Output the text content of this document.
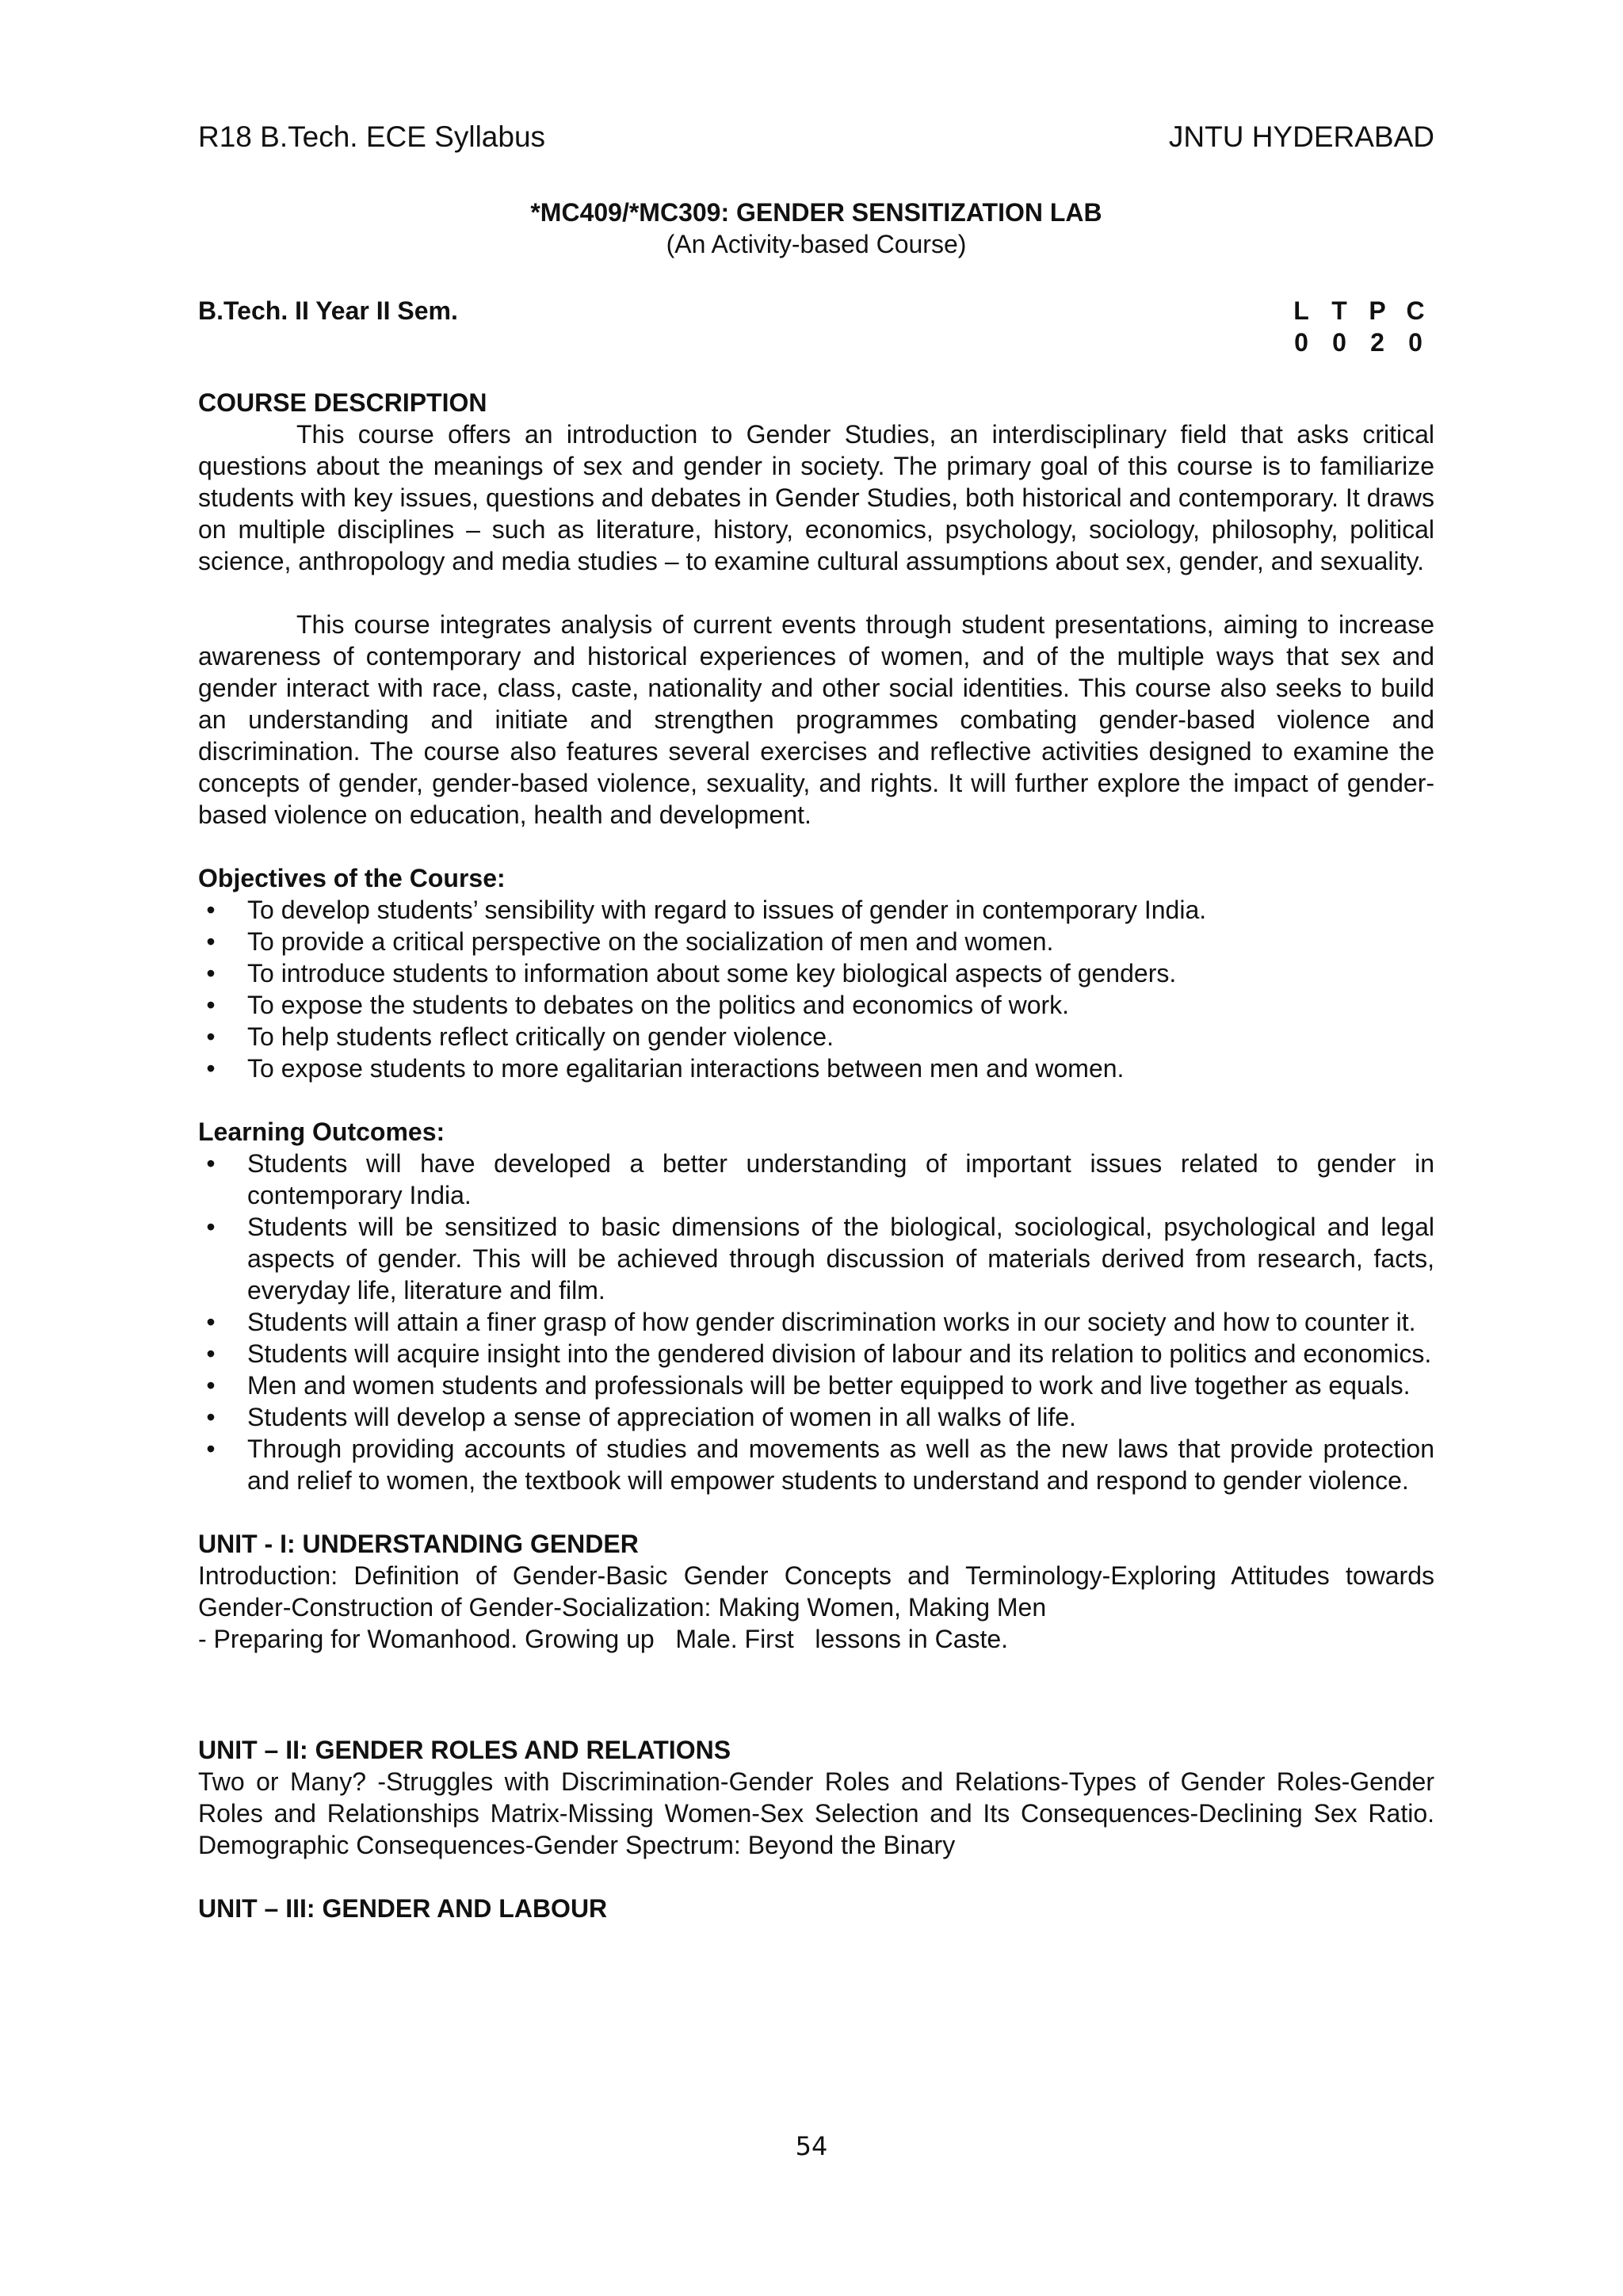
R18 B.Tech. ECE Syllabus	JNTU HYDERABAD
*MC409/*MC309: GENDER SENSITIZATION LAB
(An Activity-based Course)
B.Tech. II Year II Sem.	L T P C
0 0 2 0
COURSE DESCRIPTION

This course offers an introduction to Gender Studies, an interdisciplinary field that asks critical questions about the meanings of sex and gender in society. The primary goal of this course is to familiarize students with key issues, questions and debates in Gender Studies, both historical and contemporary. It draws on multiple disciplines – such as literature, history, economics, psychology, sociology, philosophy, political science, anthropology and media studies – to examine cultural assumptions about sex, gender, and sexuality.

This course integrates analysis of current events through student presentations, aiming to increase awareness of contemporary and historical experiences of women, and of the multiple ways that sex and gender interact with race, class, caste, nationality and other social identities. This course also seeks to build an understanding and initiate and strengthen programmes combating gender-based violence and discrimination. The course also features several exercises and reflective activities designed to examine the concepts of gender, gender-based violence, sexuality, and rights. It will further explore the impact of gender-based violence on education, health and development.

Objectives of the Course:
• To develop students’ sensibility with regard to issues of gender in contemporary India.
• To provide a critical perspective on the socialization of men and women.
• To introduce students to information about some key biological aspects of genders.
• To expose the students to debates on the politics and economics of work.
• To help students reflect critically on gender violence.
• To expose students to more egalitarian interactions between men and women.
Learning Outcomes:
• Students will have developed a better understanding of important issues related to gender in contemporary India.
• Students will be sensitized to basic dimensions of the biological, sociological, psychological and legal aspects of gender. This will be achieved through discussion of materials derived from research, facts, everyday life, literature and film.
• Students will attain a finer grasp of how gender discrimination works in our society and how to counter it.
• Students will acquire insight into the gendered division of labour and its relation to politics and economics.
• Men and women students and professionals will be better equipped to work and live together as equals.
• Students will develop a sense of appreciation of women in all walks of life.
• Through providing accounts of studies and movements as well as the new laws that provide protection and relief to women, the textbook will empower students to understand and respond to gender violence.
UNIT - I: UNDERSTANDING GENDER

Introduction: Definition of Gender-Basic Gender Concepts and Terminology-Exploring Attitudes towards Gender-Construction of Gender-Socialization: Making Women, Making Men

- Preparing for Womanhood. Growing up   Male. First   lessons in Caste.

UNIT – II: GENDER ROLES AND RELATIONS

Two or Many? -Struggles with Discrimination-Gender Roles and Relations-Types of Gender Roles-Gender Roles and Relationships Matrix-Missing Women-Sex Selection and Its Consequences-Declining Sex Ratio. Demographic Consequences-Gender Spectrum: Beyond the Binary

UNIT – III: GENDER AND LABOUR
54
